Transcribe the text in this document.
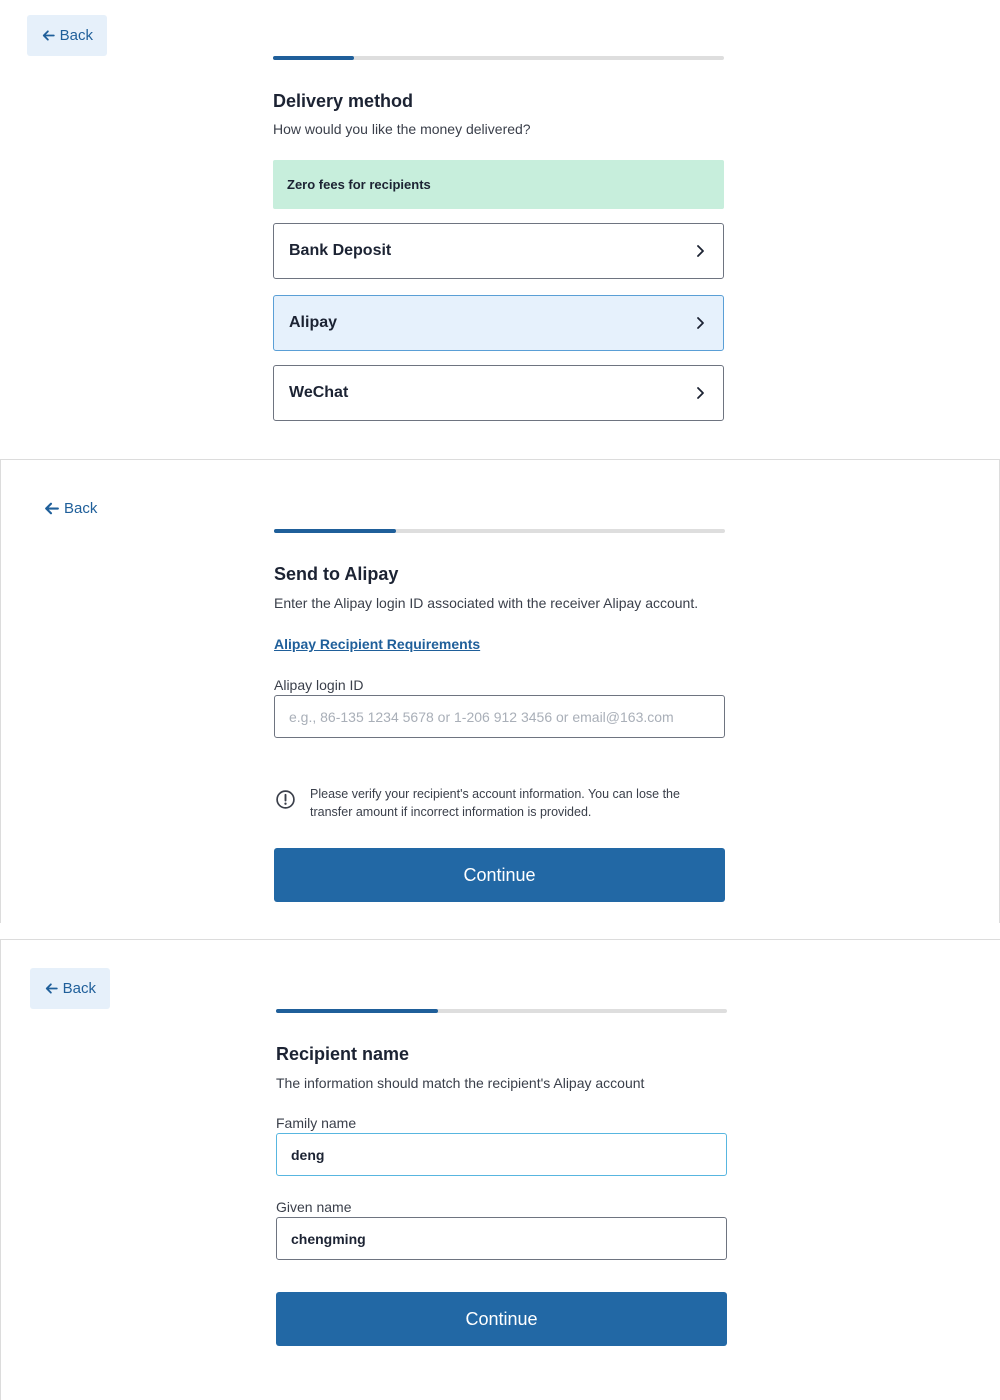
Back
Delivery method

How would you like the money delivered?

Zero fees for recipients
Bank Deposit
Alipay
WeChat
Back
Send to Alipay

Enter the Alipay login ID associated with the receiver Alipay account.

Alipay Recipient Requirements
Alipay login ID
e.g., 86-135 1234 5678 or 1-206 912 3456 or email@163.com
Please verify your recipient's account information. You can lose the transfer amount if incorrect information is provided.
Continue
Back
Recipient name

The information should match the recipient's Alipay account

Family name
deng
Given name
chengming
Continue
